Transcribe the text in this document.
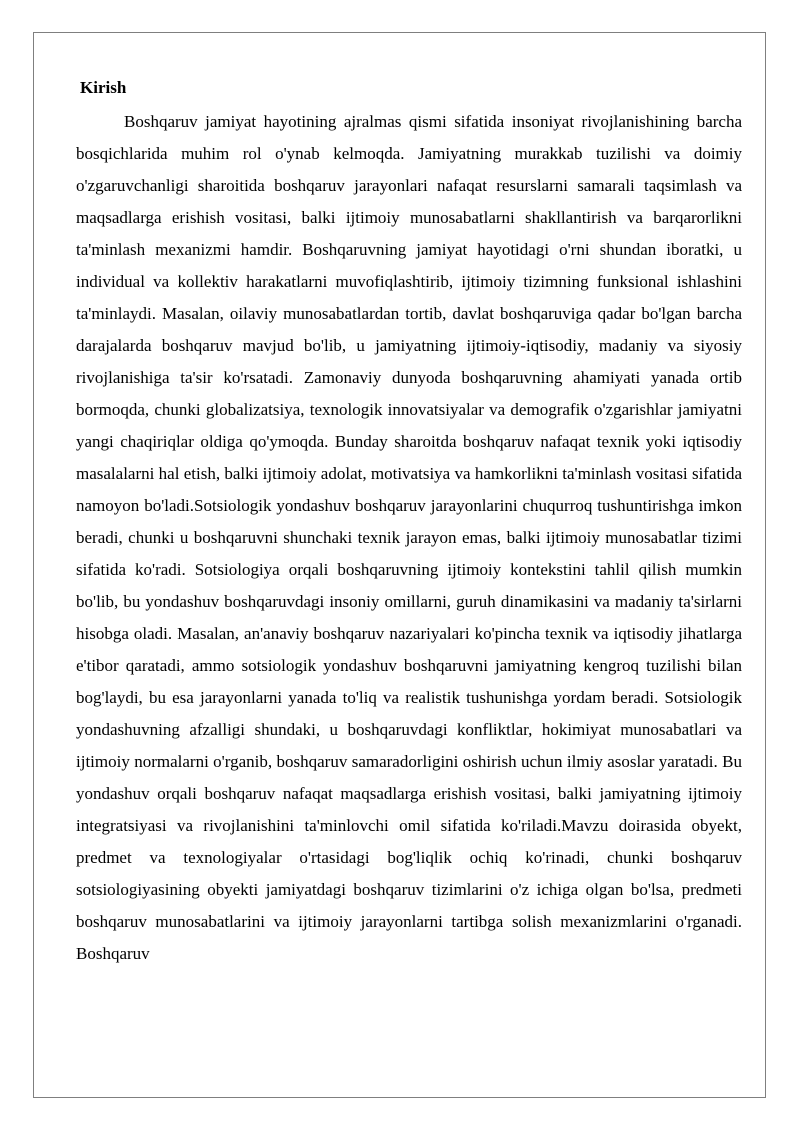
Kirish

Boshqaruv jamiyat hayotining ajralmas qismi sifatida insoniyat rivojlanishining barcha bosqichlarida muhim rol o'ynab kelmoqda. Jamiyatning murakkab tuzilishi va doimiy o'zgaruvchanligi sharoitida boshqaruv jarayonlari nafaqat resurslarni samarali taqsimlash va maqsadlarga erishish vositasi, balki ijtimoiy munosabatlarni shakllantirish va barqarorlikni ta'minlash mexanizmi hamdir. Boshqaruvning jamiyat hayotidagi o'rni shundan iboratki, u individual va kollektiv harakatlarni muvofiqlashtirib, ijtimoiy tizimning funksional ishlashini ta'minlaydi. Masalan, oilaviy munosabatlardan tortib, davlat boshqaruviga qadar bo'lgan barcha darajalarda boshqaruv mavjud bo'lib, u jamiyatning ijtimoiy-iqtisodiy, madaniy va siyosiy rivojlanishiga ta'sir ko'rsatadi. Zamonaviy dunyoda boshqaruvning ahamiyati yanada ortib bormoqda, chunki globalizatsiya, texnologik innovatsiyalar va demografik o'zgarishlar jamiyatni yangi chaqiriqlar oldiga qo'ymoqda. Bunday sharoitda boshqaruv nafaqat texnik yoki iqtisodiy masalalarni hal etish, balki ijtimoiy adolat, motivatsiya va hamkorlikni ta'minlash vositasi sifatida namoyon bo'ladi.Sotsiologik yondashuv boshqaruv jarayonlarini chuqurroq tushuntirishga imkon beradi, chunki u boshqaruvni shunchaki texnik jarayon emas, balki ijtimoiy munosabatlar tizimi sifatida ko'radi. Sotsiologiya orqali boshqaruvning ijtimoiy kontekstini tahlil qilish mumkin bo'lib, bu yondashuv boshqaruvdagi insoniy omillarni, guruh dinamikasini va madaniy ta'sirlarni hisobga oladi. Masalan, an'anaviy boshqaruv nazariyalari ko'pincha texnik va iqtisodiy jihatlarga e'tibor qaratadi, ammo sotsiologik yondashuv boshqaruvni jamiyatning kengroq tuzilishi bilan bog'laydi, bu esa jarayonlarni yanada to'liq va realistik tushunishga yordam beradi. Sotsiologik yondashuvning afzalligi shundaki, u boshqaruvdagi konfliktlar, hokimiyat munosabatlari va ijtimoiy normalarni o'rganib, boshqaruv samaradorligini oshirish uchun ilmiy asoslar yaratadi. Bu yondashuv orqali boshqaruv nafaqat maqsadlarga erishish vositasi, balki jamiyatning ijtimoiy integratsiyasi va rivojlanishini ta'minlovchi omil sifatida ko'riladi.Mavzu doirasida obyekt, predmet va texnologiyalar o'rtasidagi bog'liqlik ochiq ko'rinadi, chunki boshqaruv sotsiologiyasining obyekti jamiyatdagi boshqaruv tizimlarini o'z ichiga olgan bo'lsa, predmeti boshqaruv munosabatlarini va ijtimoiy jarayonlarni tartibga solish mexanizmlarini o'rganadi. Boshqaruv
